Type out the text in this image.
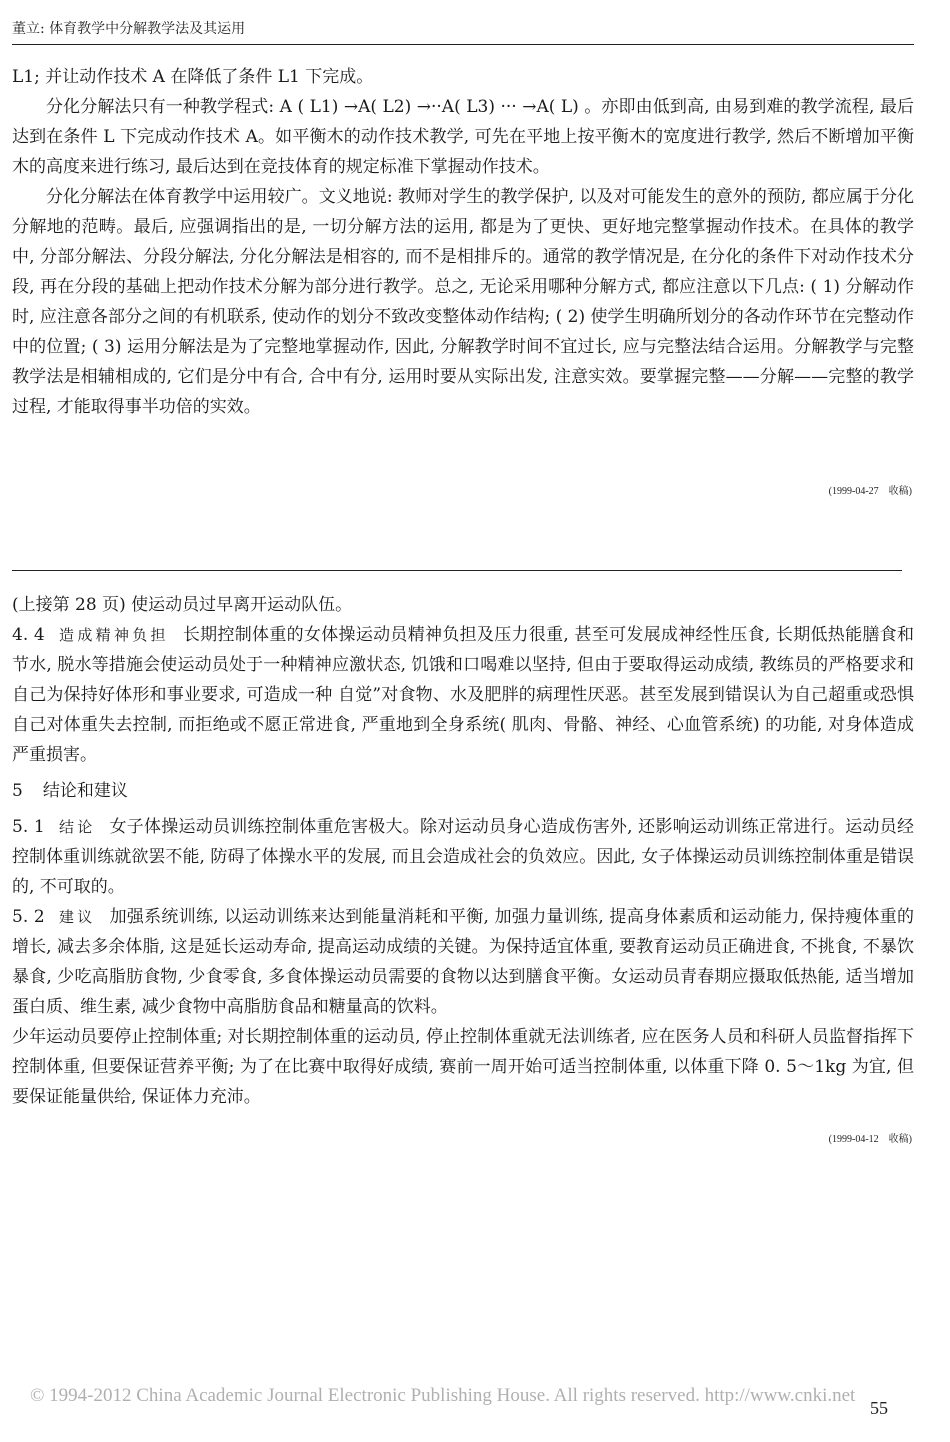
董立: 体育教学中分解教学法及其运用

L1; 并让动作技术 A 在降低了条件 L1 下完成。

分化分解法只有一种教学程式: A ( L1) →A( L2) →··A( L3) ··· →A( L) 。亦即由低到高, 由易到难的教学流程, 最后达到在条件 L 下完成动作技术 A。如平衡木的动作技术教学, 可先在平地上按平衡木的宽度进行教学, 然后不断增加平衡木的高度来进行练习, 最后达到在竞技体育的规定标准下掌握动作技术。

分化分解法在体育教学中运用较广。文义地说: 教师对学生的教学保护, 以及对可能发生的意外的预防, 都应属于分化分解地的范畴。最后, 应强调指出的是, 一切分解方法的运用, 都是为了更快、更好地完整掌握动作技术。在具体的教学中, 分部分解法、分段分解法, 分化分解法是相容的, 而不是相排斥的。通常的教学情况是, 在分化的条件下对动作技术分段, 再在分段的基础上把动作技术分解为部分进行教学。总之, 无论采用哪种分解方式, 都应注意以下几点: ( 1) 分解动作时, 应注意各部分之间的有机联系, 使动作的划分不致改变整体动作结构; ( 2) 使学生明确所划分的各动作环节在完整动作中的位置; ( 3) 运用分解法是为了完整地掌握动作, 因此, 分解教学时间不宜过长, 应与完整法结合运用。分解教学与完整教学法是相辅相成的, 它们是分中有合, 合中有分, 运用时要从实际出发, 注意实效。要掌握完整——分解——完整的教学过程, 才能取得事半功倍的实效。

(1999-04-27　收稿)

(上接第 28 页) 使运动员过早离开运动队伍。

4. 4 造成精神负担 长期控制体重的女体操运动员精神负担及压力很重, 甚至可发展成神经性压食, 长期低热能膳食和节水, 脱水等措施会使运动员处于一种精神应激状态, 饥饿和口喝难以坚持, 但由于要取得运动成绩, 教练员的严格要求和自己为保持好体形和事业要求, 可造成一种 自觉”对食物、水及肥胖的病理性厌恶。甚至发展到错误认为自己超重或恐惧自己对体重失去控制, 而拒绝或不愿正常进食, 严重地到全身系统( 肌肉、骨骼、神经、心血管系统) 的功能, 对身体造成严重损害。

5 结论和建议

5. 1 结论 女子体操运动员训练控制体重危害极大。除对运动员身心造成伤害外, 还影响运动训练正常进行。运动员经控制体重训练就欲罢不能, 防碍了体操水平的发展, 而且会造成社会的负效应。因此, 女子体操运动员训练控制体重是错误的, 不可取的。

5. 2 建议 加强系统训练, 以运动训练来达到能量消耗和平衡, 加强力量训练, 提高身体素质和运动能力, 保持瘦体重的增长, 减去多余体脂, 这是延长运动寿命, 提高运动成绩的关键。为保持适宜体重, 要教育运动员正确进食, 不挑食, 不暴饮暴食, 少吃高脂肪食物, 少食零食, 多食体操运动员需要的食物以达到膳食平衡。女运动员青春期应摄取低热能, 适当增加蛋白质、维生素, 减少食物中高脂肪食品和糖量高的饮料。

少年运动员要停止控制体重; 对长期控制体重的运动员, 停止控制体重就无法训练者, 应在医务人员和科研人员监督指挥下控制体重, 但要保证营养平衡; 为了在比赛中取得好成绩, 赛前一周开始可适当控制体重, 以体重下降 0. 5～1kg 为宜, 但要保证能量供给, 保证体力充沛。

(1999-04-12　收稿)
© 1994-2012 China Academic Journal Electronic Publishing House. All rights reserved. http://www.cnki.net
55
